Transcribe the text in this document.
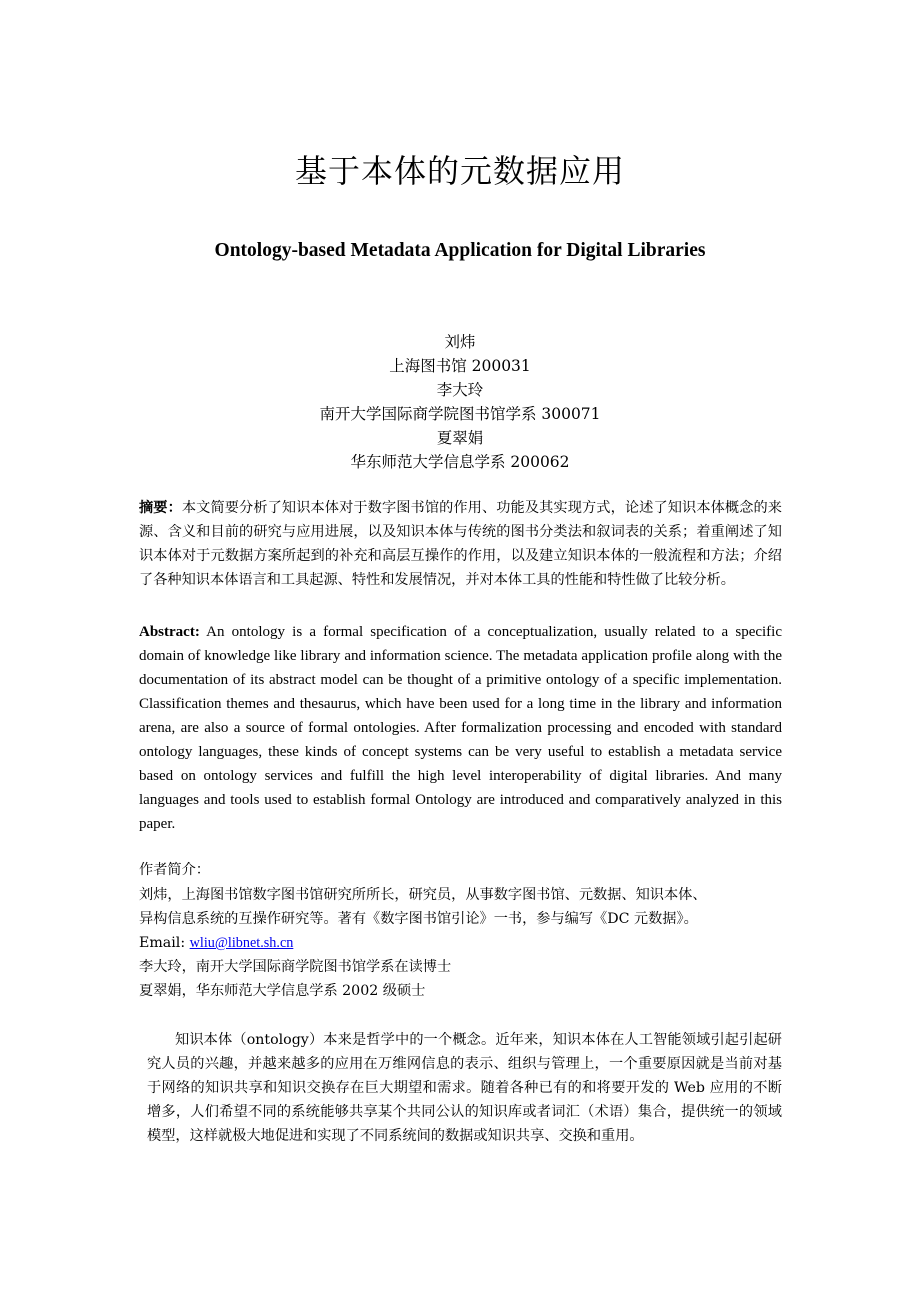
基于本体的元数据应用
Ontology-based Metadata Application for Digital Libraries
刘炜
上海图书馆 200031
李大玲
南开大学国际商学院图书馆学系 300071
夏翠娟
华东师范大学信息学系 200062
摘要：本文简要分析了知识本体对于数字图书馆的作用、功能及其实现方式，论述了知识本体概念的来源、含义和目前的研究与应用进展，以及知识本体与传统的图书分类法和叙词表的关系；着重阐述了知识本体对于元数据方案所起到的补充和高层互操作的作用，以及建立知识本体的一般流程和方法；介绍了各种知识本体语言和工具起源、特性和发展情况，并对本体工具的性能和特性做了比较分析。
Abstract: An ontology is a formal specification of a conceptualization, usually related to a specific domain of knowledge like library and information science. The metadata application profile along with the documentation of its abstract model can be thought of a primitive ontology of a specific implementation. Classification themes and thesaurus, which have been used for a long time in the library and information arena, are also a source of formal ontologies. After formalization processing and encoded with standard ontology languages, these kinds of concept systems can be very useful to establish a metadata service based on ontology services and fulfill the high level interoperability of digital libraries. And many languages and tools used to establish formal Ontology are introduced and comparatively analyzed in this paper.
作者简介：
刘炜，上海图书馆数字图书馆研究所所长，研究员，从事数字图书馆、元数据、知识本体、
异构信息系统的互操作研究等。著有《数字图书馆引论》一书，参与编写《DC 元数据》。
Email: wliu@libnet.sh.cn
李大玲，南开大学国际商学院图书馆学系在读博士
夏翠娟，华东师范大学信息学系 2002 级硕士
知识本体（ontology）本来是哲学中的一个概念。近年来，知识本体在人工智能领域引起引起研究人员的兴趣，并越来越多的应用在万维网信息的表示、组织与管理上，一个重要原因就是当前对基于网络的知识共享和知识交换存在巨大期望和需求。随着各种已有的和将要开发的 Web 应用的不断增多，人们希望不同的系统能够共享某个共同公认的知识库或者词汇（术语）集合，提供统一的领域模型，这样就极大地促进和实现了不同系统间的数据或知识共享、交换和重用。
